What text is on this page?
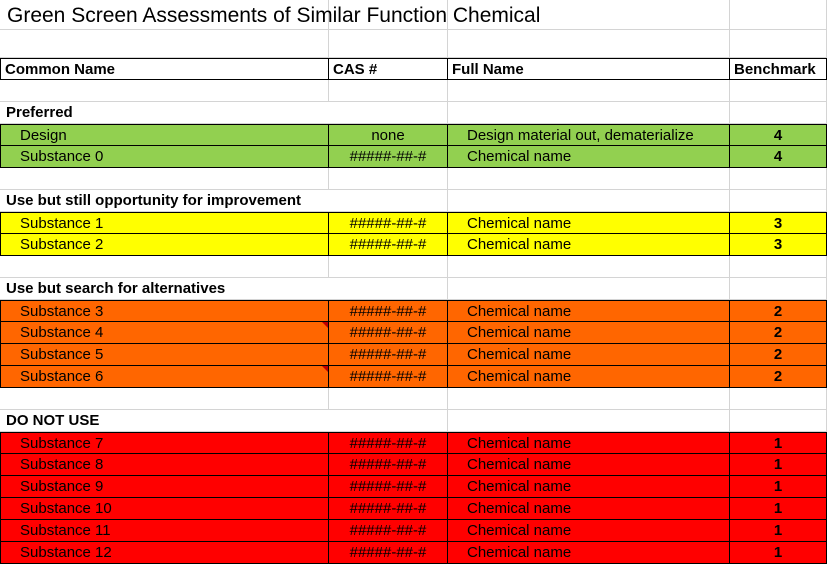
Green Screen Assessments of Similar Function Chemical
Common Name	CAS #	Full Name	Benchmark
Preferred
Design	none	Design material out, dematerialize	4
Substance 0	#####-##-#	Chemical name	4
Use but still opportunity for improvement
Substance 1	#####-##-#	Chemical name	3
Substance 2	#####-##-#	Chemical name	3
Use but search for alternatives
Substance 3	#####-##-#	Chemical name	2
Substance 4	#####-##-#	Chemical name	2
Substance 5	#####-##-#	Chemical name	2
Substance 6	#####-##-#	Chemical name	2
DO NOT USE
Substance 7	#####-##-#	Chemical name	1
Substance 8	#####-##-#	Chemical name	1
Substance 9	#####-##-#	Chemical name	1
Substance 10	#####-##-#	Chemical name	1
Substance 11	#####-##-#	Chemical name	1
Substance 12	#####-##-#	Chemical name	1
